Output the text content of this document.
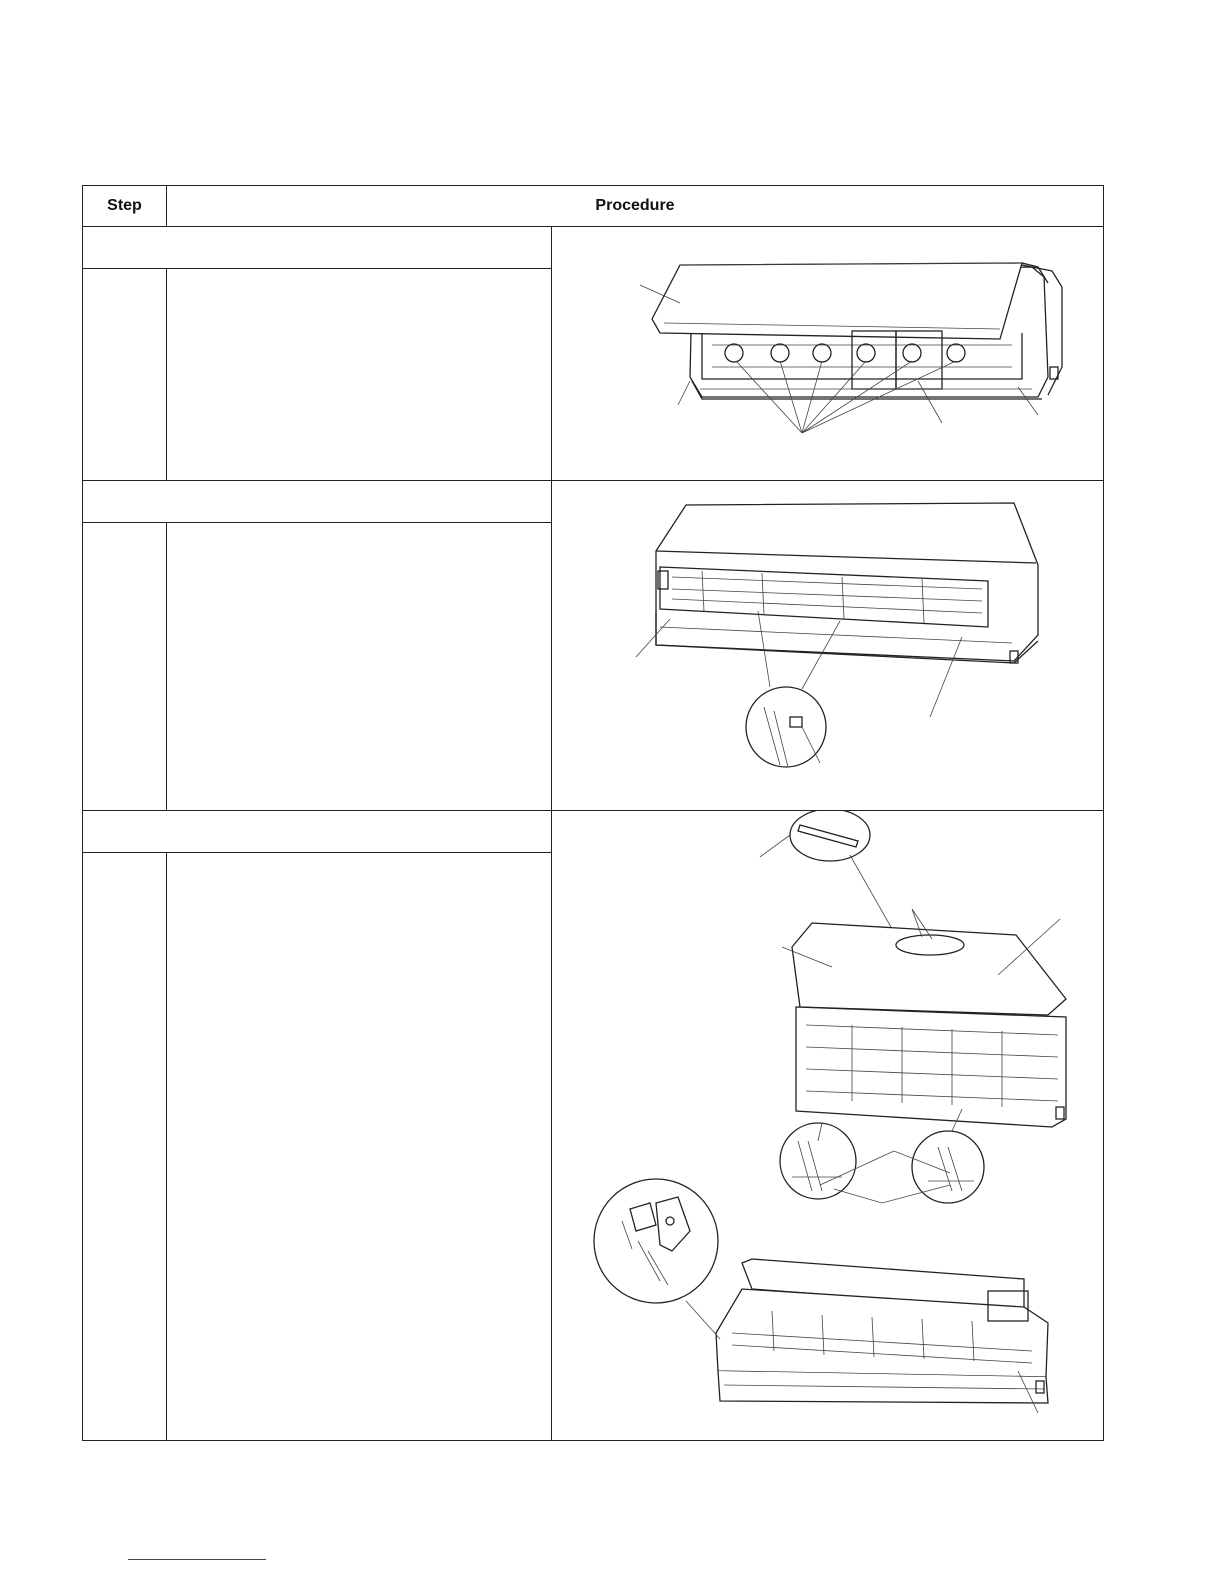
Step	Procedure
